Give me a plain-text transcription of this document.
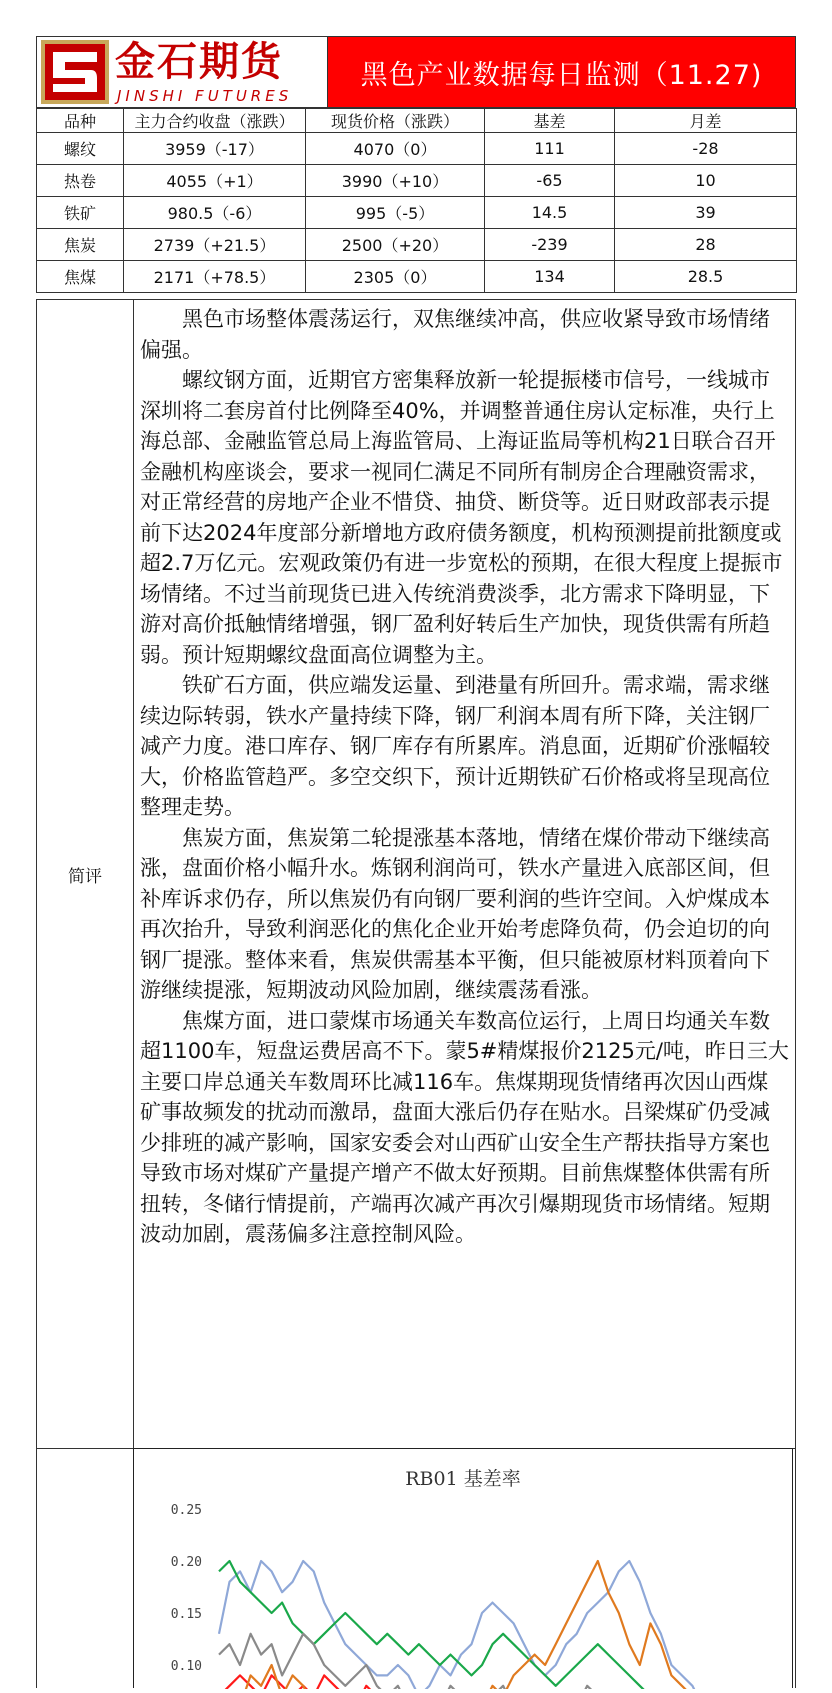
金石期货
JINSHI FUTURES
黑色产业数据每日监测（11.27)
品种	主力合约收盘（涨跌）	现货价格（涨跌）	基差	月差
螺纹	3959（-17）	4070（0）	111	-28
热卷	4055（+1）	3990（+10）	-65	10
铁矿	980.5（-6）	995（-5）	14.5	39
焦炭	2739（+21.5）	2500（+20）	-239	28
焦煤	2171（+78.5）	2305（0）	134	28.5
简评

黑色市场整体震荡运行，双焦继续冲高，供应收紧导致市场情绪偏强。

螺纹钢方面，近期官方密集释放新一轮提振楼市信号，一线城市深圳将二套房首付比例降至40%，并调整普通住房认定标准，央行上海总部、金融监管总局上海监管局、上海证监局等机构21日联合召开金融机构座谈会，要求一视同仁满足不同所有制房企合理融资需求，对正常经营的房地产企业不惜贷、抽贷、断贷等。近日财政部表示提前下达2024年度部分新增地方政府债务额度，机构预测提前批额度或超2.7万亿元。宏观政策仍有进一步宽松的预期，在很大程度上提振市场情绪。不过当前现货已进入传统消费淡季，北方需求下降明显，下游对高价抵触情绪增强，钢厂盈利好转后生产加快，现货供需有所趋弱。预计短期螺纹盘面高位调整为主。

铁矿石方面，供应端发运量、到港量有所回升。需求端，需求继续边际转弱，铁水产量持续下降，钢厂利润本周有所下降，关注钢厂减产力度。港口库存、钢厂库存有所累库。消息面，近期矿价涨幅较大，价格监管趋严。多空交织下，预计近期铁矿石价格或将呈现高位整理走势。

焦炭方面，焦炭第二轮提涨基本落地，情绪在煤价带动下继续高涨，盘面价格小幅升水。炼钢利润尚可，铁水产量进入底部区间，但补库诉求仍存，所以焦炭仍有向钢厂要利润的些许空间。入炉煤成本再次抬升，导致利润恶化的焦化企业开始考虑降负荷，仍会迫切的向钢厂提涨。整体来看，焦炭供需基本平衡，但只能被原材料顶着向下游继续提涨，短期波动风险加剧，继续震荡看涨。

焦煤方面，进口蒙煤市场通关车数高位运行，上周日均通关车数超1100车，短盘运费居高不下。蒙5#精煤报价2125元/吨，昨日三大主要口岸总通关车数周环比减116车。焦煤期现货情绪再次因山西煤矿事故频发的扰动而激昂，盘面大涨后仍存在贴水。吕梁煤矿仍受减少排班的减产影响，国家安委会对山西矿山安全生产帮扶指导方案也导致市场对煤矿产量提产增产不做太好预期。目前焦煤整体供需有所扭转，冬储行情提前，产端再次减产再次引爆期现货市场情绪。短期波动加剧，震荡偏多注意控制风险。

RB01 基差率
0.25
0.20
0.15
0.10
